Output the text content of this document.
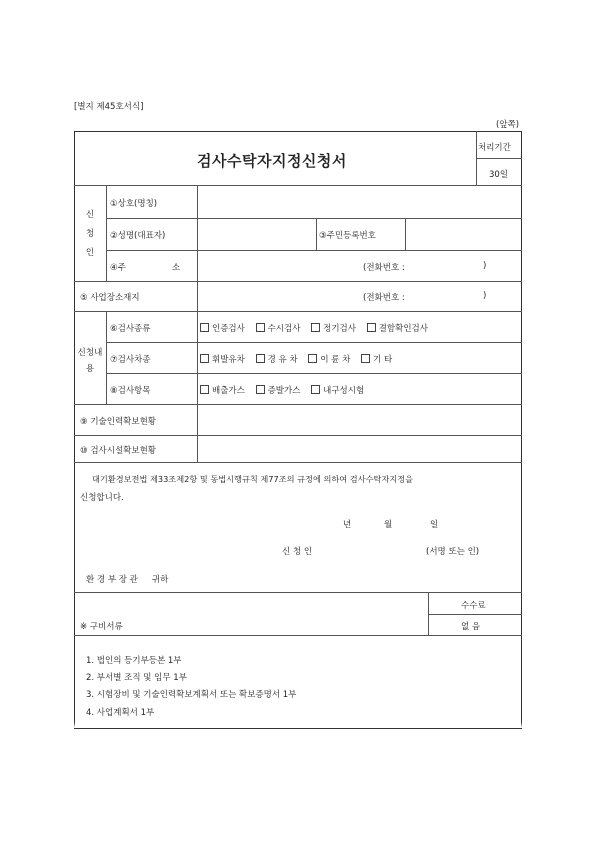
[별지 제45호서식]
(앞쪽)
검사수탁자지정신청서
처리기간
30일
신
청
인
①상호(명칭)
②성명(대표자)	③주민등록번호
④주	소	(전화번호 :	)
⑤ 사업장소재지	(전화번호 :	)
신청내
용
⑥검사종류	인증검사	수시검사	정기검사	결함확인검사
⑦검사차종	휘발유차	경 유 차	이 륜 차	기 타
⑧검사항목	배출가스	증발가스	내구성시험
⑨ 기술인력확보현황
⑩ 검사시설확보현황
대기환경보전법 제33조제2항 및 동법시행규칙 제77조의 규정에 의하여 검사수탁자지정을
신청합니다.
년	월	일
신 청 인	(서명 또는 인)
환 경 부 장 관 귀하
※ 구비서류
수수료
없 음
1. 법인의 등기부등본 1부
2. 부서별 조직 및 임무 1부
3. 시험장비 및 기술인력확보계획서 또는 확보증명서 1부
4. 사업계획서 1부
